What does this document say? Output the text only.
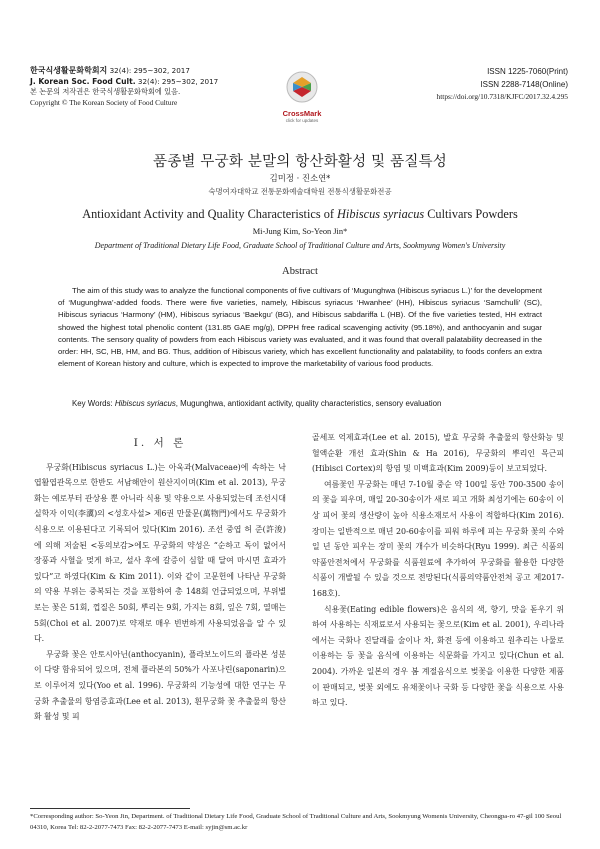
한국식생활문화학회지 32(4): 295~302, 2017
J. Korean Soc. Food Cult. 32(4): 295~302, 2017
본 논문의 저작권은 한국식생활문화학회에 있음.
Copyright © The Korean Society of Food Culture
CrossMark
click for updates
ISSN 1225-7060(Print)
ISSN 2288-7148(Online)
https://doi.org/10.7318/KJFC/2017.32.4.295
품종별 무궁화 분말의 항산화활성 및 품질특성
김미정 · 진소연*
숙명여자대학교 전통문화예술대학원 전통식생활문화전공
Antioxidant Activity and Quality Characteristics of Hibiscus syriacus Cultivars Powders
Mi-Jung Kim, So-Yeon Jin*
Department of Traditional Dietary Life Food, Graduate School of Traditional Culture and Arts, Sookmyung Women's University
Abstract

The aim of this study was to analyze the functional components of five cultivars of ‘Mugunghwa (Hibiscus syriacus L.)’ for the development of ‘Mugunghwa’-added foods. There were five varieties, namely, Hibiscus syriacus ‘Hwanhee’ (HH), Hibiscus syriacus ‘Samchulli’ (SC), Hibiscus syriacus ‘Harmony’ (HM), Hibiscus syriacus ‘Baekgu’ (BG), and Hibiscus sabdariffa L (HB). Of the five varieties tested, HH extract showed the highest total phenolic content (131.85 GAE mg/g), DPPH free radical scavenging activity (95.18%), and anthocyanin and sugar contents. The sensory quality of powders from each Hibiscus variety was evaluated, and it was found that overall palatability decreased in the order: HH, SC, HB, HM, and BG. Thus, addition of Hibiscus variety, which has excellent functionality and palatability, to foods confers an extra element of Korean history and culture, which is expected to improve the marketability of various food products.

Key Words: Hibiscus syriacus, Mugunghwa, antioxidant activity, quality characteristics, sensory evaluation
I. 서 론

무궁화(Hibiscus syriacus L.)는 아욱과(Malvaceae)에 속하는 낙엽활엽관목으로 한반도 서남해안이 원산지이며(Kim et al. 2013), 무궁화는 예로부터 관상용 뿐 아니라 식용 및 약용으로 사용되었는데 조선시대 실학자 이익(李瀷)의 <성호사설> 제6권 만물문(萬物門)에서도 무궁화가 식용으로 이용된다고 기록되어 있다(Kim 2016). 조선 중엽 허 준(許浚)에 의해 저술된 <동의보감>에도 무궁화의 약성은 “순하고 독이 없어서 장풍과 사혈을 멎게 하고, 설사 후에 갈증이 심할 때 달여 마시면 효과가 있다”고 하였다(Kim & Kim 2011). 이와 같이 고문헌에 나타난 무궁화의 약용 부위는 중복되는 것을 포함하여 총 148회 언급되었으며, 부위별로는 꽃은 51회, 껍질은 50회, 뿌리는 9회, 가지는 8회, 잎은 7회, 열매는 5회(Choi et al. 2007)로 약재로 매우 빈번하게 사용되었음을 알 수 있다.

무궁화 꽃은 안토시아닌(anthocyanin), 플라보노이드의 플라본 성분이 다량 함유되어 있으며, 전체 플라본의 50%가 사포나린(saponarin)으로 이루어져 있다(Yoo et al. 1996). 무궁화의 기능성에 대한 연구는 무궁화 추출물의 항염증효과(Lee et al. 2013), 흰무궁화 꽃 추출물의 항산화 활성 및 피

골세포 억제효과(Lee et al. 2015), 발효 무궁화 추출물의 항산화능 및 혈액순환 개선 효과(Shin & Ha 2016), 무궁화의 뿌리인 목근피(Hibisci Cortex)의 항염 및 미백효과(Kim 2009)등이 보고되었다.

여름꽃인 무궁화는 매년 7-10월 중순 약 100일 동안 700-3500 송이의 꽃을 피우며, 매일 20-30송이가 새로 피고 개화 최성기에는 60송이 이상 피어 꽃의 생산량이 높아 식용소재로서 사용이 적합하다(Kim 2016). 장미는 일반적으로 매년 20-60송이를 피워 하루에 피는 무궁화 꽃의 수와 일 년 동안 피우는 장미 꽃의 개수가 비슷하다(Ryu 1999). 최근 식품의 약품안전처에서 무궁화를 식품원료에 추가하여 무궁화를 활용한 다양한 식품이 개발될 수 있을 것으로 전망된다(식품의약품안전처 공고 제2017-168호).

식용꽃(Eating edible flowers)은 음식의 색, 향기, 맛을 돋우기 위하여 사용하는 식재료로서 사용되는 꽃으로(Kim et al. 2001), 우리나라에서는 국화나 진달래를 술이나 차, 화전 등에 이용하고 원추리는 나물로 이용하는 등 꽃을 음식에 이용하는 식문화를 가지고 있다(Chun et al. 2004). 가까운 일본의 경우 봄 계절음식으로 벚꽃을 이용한 다양한 제품이 판매되고, 벚꽃 외에도 유채꽃이나 국화 등 다양한 꽃을 식용으로 사용하고 있다.

*Corresponding author: So-Yeon Jin, Department. of Traditional Dietary Life Food, Graduate School of Traditional Culture and Arts, Sookmyung Womenis University, Cheongpa-ro 47-gil 100 Seoul 04310, Korea Tel: 82-2-2077-7473 Fax: 82-2-2077-7473 E-mail: syjin@sm.ac.kr
